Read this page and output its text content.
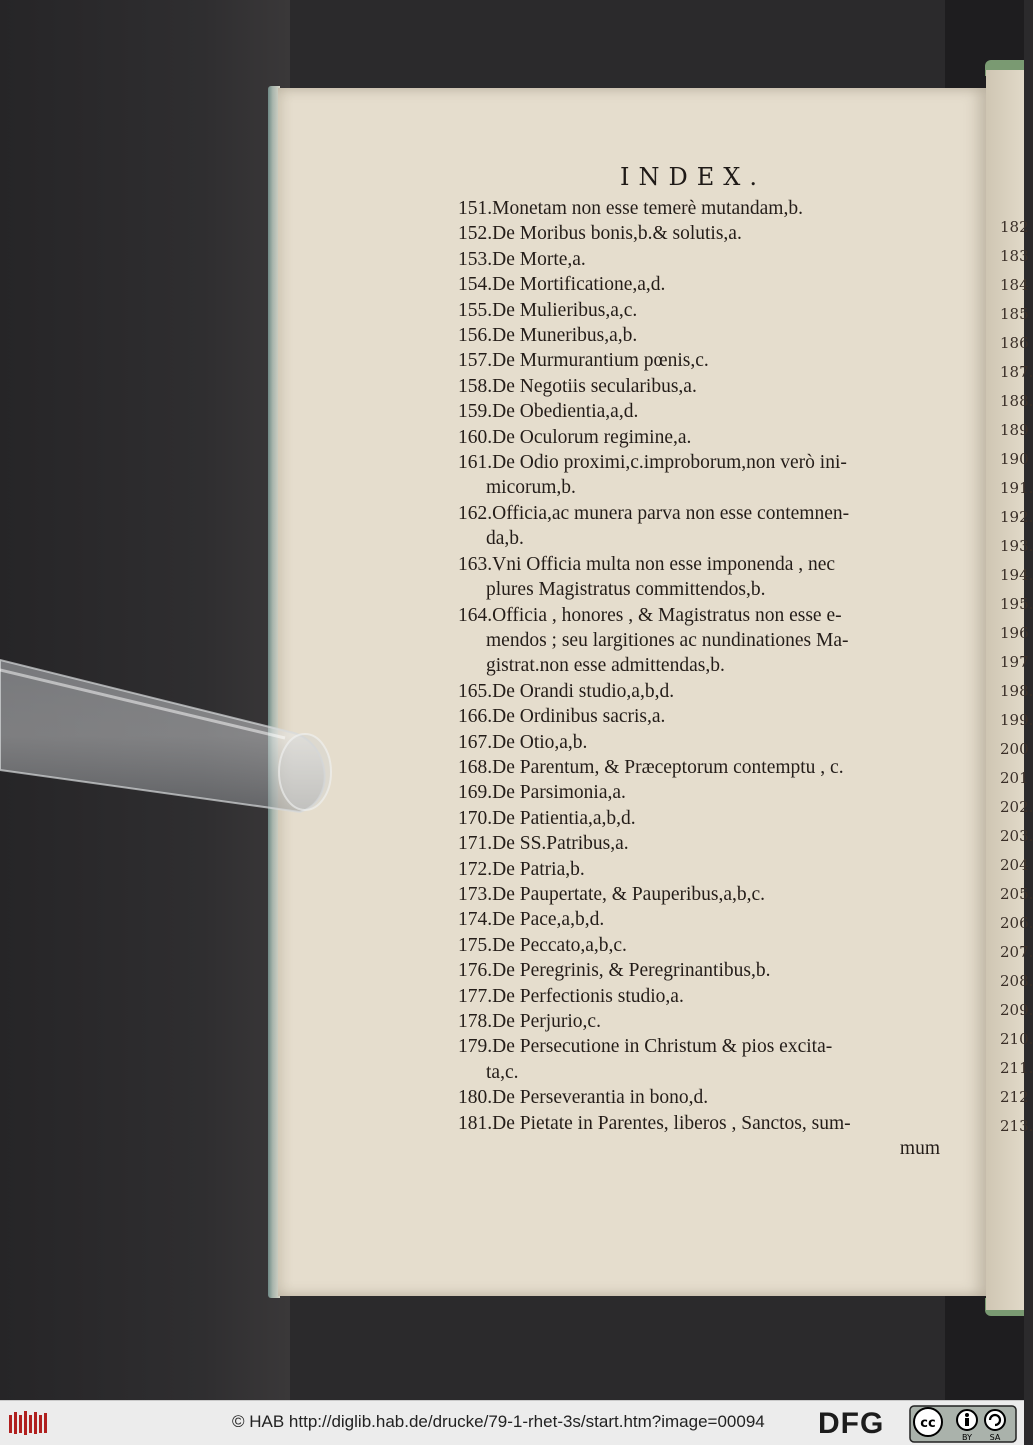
182
183
184
185
186
187.
188.
189
190
191.
192.
193.
194.
195.
196
197
198.
199.
200
201
202.
203.
204
205.
206.
207.
208.
209.
210.
211.
212
213.
INDEX.
151.Monetam non esse temerè mutandam,b.
152.De Moribus bonis,b.& solutis,a.
153.De Morte,a.
154.De Mortificatione,a,d.
155.De Mulieribus,a,c.
156.De Muneribus,a,b.
157.De Murmurantium pœnis,c.
158.De Negotiis secularibus,a.
159.De Obedientia,a,d.
160.De Oculorum regimine,a.
161.De Odio proximi,c.improborum,non verò ini-
micorum,b.
162.Officia,ac munera parva non esse contemnen-
da,b.
163.Vni Officia multa non esse imponenda , nec
plures Magistratus committendos,b.
164.Officia , honores , & Magistratus non esse e-
mendos ; seu largitiones ac nundinationes Ma-
gistrat.non esse admittendas,b.
165.De Orandi studio,a,b,d.
166.De Ordinibus sacris,a.
167.De Otio,a,b.
168.De Parentum, & Præceptorum contemptu , c.
169.De Parsimonia,a.
170.De Patientia,a,b,d.
171.De SS.Patribus,a.
172.De Patria,b.
173.De Paupertate, & Pauperibus,a,b,c.
174.De Pace,a,b,d.
175.De Peccato,a,b,c.
176.De Peregrinis, & Peregrinantibus,b.
177.De Perfectionis studio,a.
178.De Perjurio,c.
179.De Persecutione in Christum & pios excita-
ta,c.
180.De Perseverantia in bono,d.
181.De Pietate in Parentes, liberos , Sanctos, sum-
mum
© HAB http://diglib.hab.de/drucke/79-1-rhet-3s/start.htm?image=00094 DFG	cc
BY SA
